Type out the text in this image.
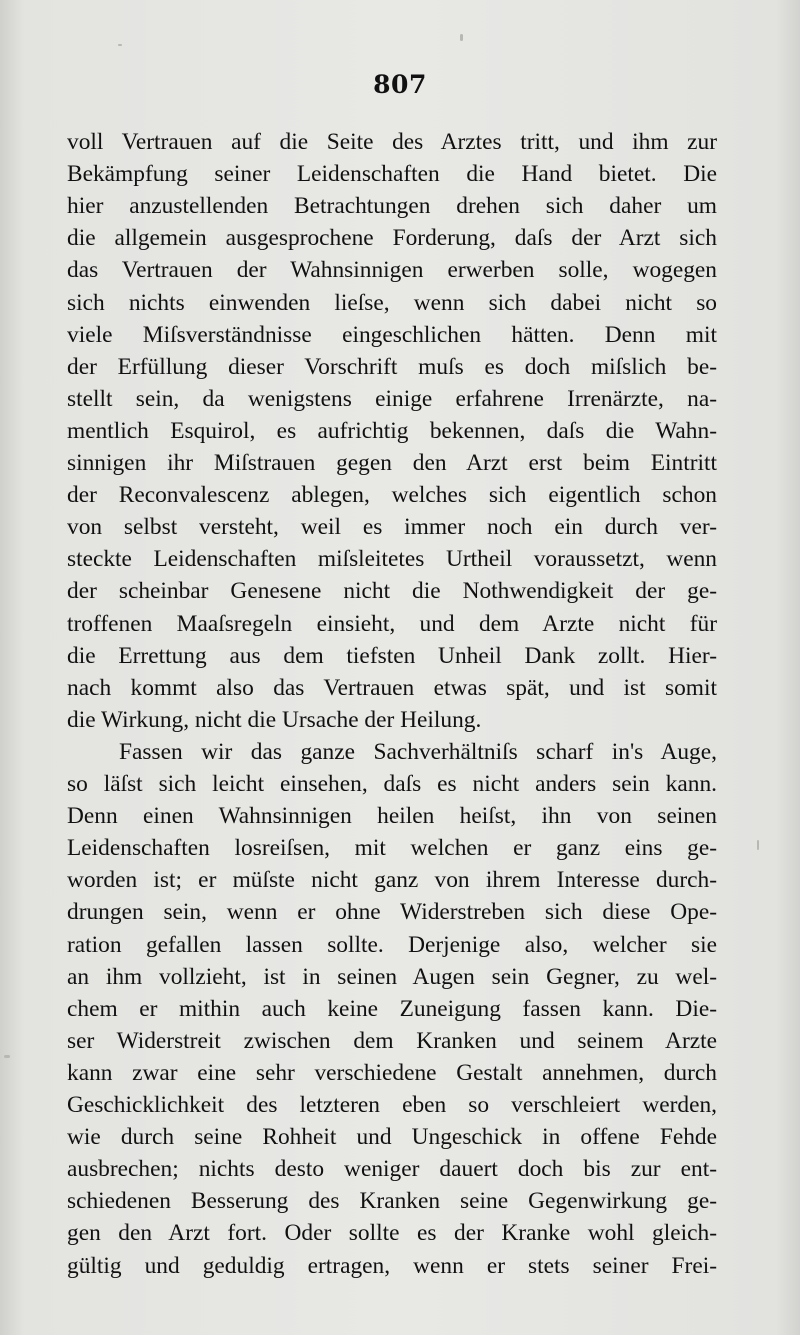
807
voll Vertrauen auf die Seite des Arztes tritt, und ihm zur
Bekämpfung seiner Leidenschaften die Hand bietet. Die
hier anzustellenden Betrachtungen drehen sich daher um
die allgemein ausgesprochene Forderung, daſs der Arzt sich
das Vertrauen der Wahnsinnigen erwerben solle, wogegen
sich nichts einwenden lieſse, wenn sich dabei nicht so
viele Miſsverständnisse eingeschlichen hätten. Denn mit
der Erfüllung dieser Vorschrift muſs es doch miſslich be-
stellt sein, da wenigstens einige erfahrene Irrenärzte, na-
mentlich Esquirol, es aufrichtig bekennen, daſs die Wahn-
sinnigen ihr Miſstrauen gegen den Arzt erst beim Eintritt
der Reconvalescenz ablegen, welches sich eigentlich schon
von selbst versteht, weil es immer noch ein durch ver-
steckte Leidenschaften miſsleitetes Urtheil voraussetzt, wenn
der scheinbar Genesene nicht die Nothwendigkeit der ge-
troffenen Maaſsregeln einsieht, und dem Arzte nicht für
die Errettung aus dem tiefsten Unheil Dank zollt. Hier-
nach kommt also das Vertrauen etwas spät, und ist somit
die Wirkung, nicht die Ursache der Heilung.
Fassen wir das ganze Sachverhältniſs scharf in's Auge,
so läſst sich leicht einsehen, daſs es nicht anders sein kann.
Denn einen Wahnsinnigen heilen heiſst, ihn von seinen
Leidenschaften losreiſsen, mit welchen er ganz eins ge-
worden ist; er müſste nicht ganz von ihrem Interesse durch-
drungen sein, wenn er ohne Widerstreben sich diese Ope-
ration gefallen lassen sollte. Derjenige also, welcher sie
an ihm vollzieht, ist in seinen Augen sein Gegner, zu wel-
chem er mithin auch keine Zuneigung fassen kann. Die-
ser Widerstreit zwischen dem Kranken und seinem Arzte
kann zwar eine sehr verschiedene Gestalt annehmen, durch
Geschicklichkeit des letzteren eben so verschleiert werden,
wie durch seine Rohheit und Ungeschick in offene Fehde
ausbrechen; nichts desto weniger dauert doch bis zur ent-
schiedenen Besserung des Kranken seine Gegenwirkung ge-
gen den Arzt fort. Oder sollte es der Kranke wohl gleich-
gültig und geduldig ertragen, wenn er stets seiner Frei-
